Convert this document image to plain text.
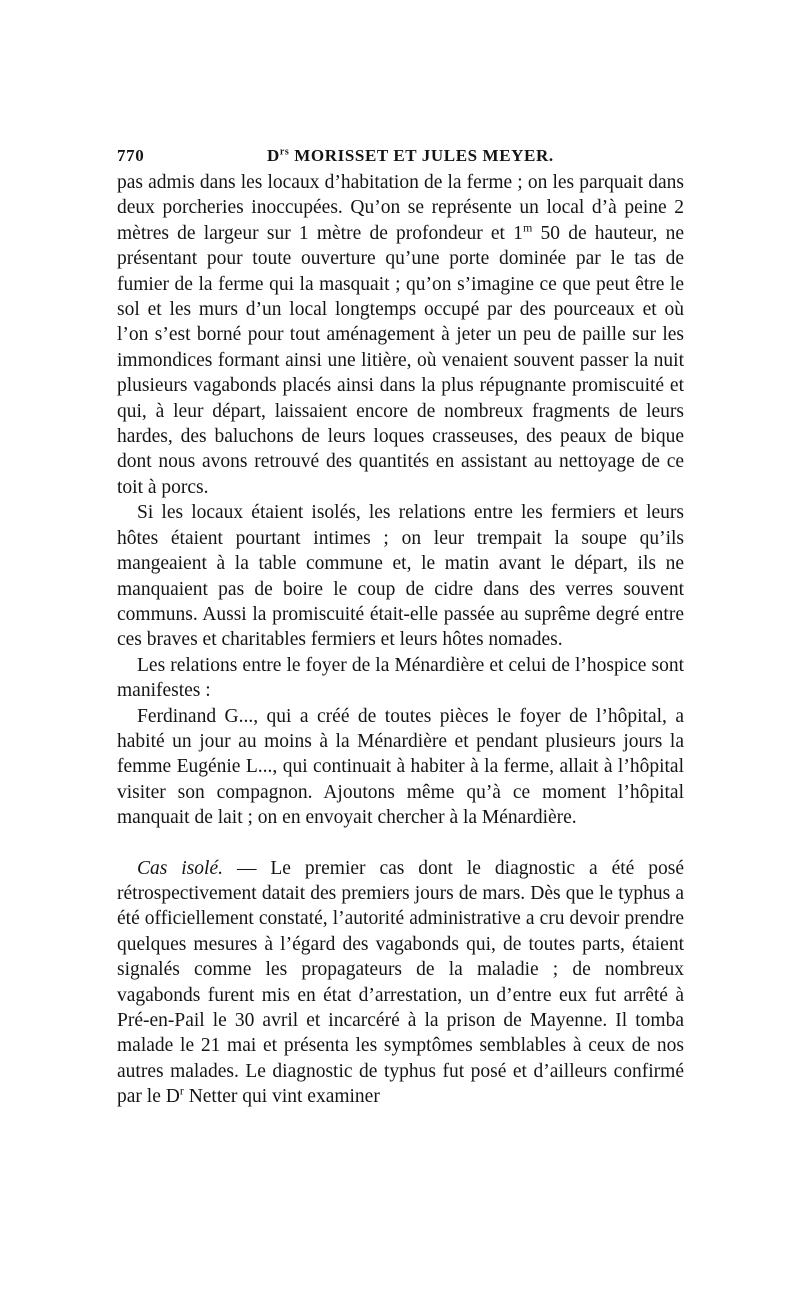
770	$D^{rs}$ MORISSET ET JULES MEYER.

pas admis dans les locaux d’habitation de la ferme ; on les parquait dans deux porcheries inoccupées. Qu’on se représente un local d’à peine 2 mètres de largeur sur 1 mètre de profondeur et 1$^m$ 50 de hauteur, ne présentant pour toute ouverture qu’une porte dominée par le tas de fumier de la ferme qui la masquait ; qu’on s’imagine ce que peut être le sol et les murs d’un local longtemps occupé par des pourceaux et où l’on s’est borné pour tout aménagement à jeter un peu de paille sur les immondices formant ainsi une litière, où venaient souvent passer la nuit plusieurs vagabonds placés ainsi dans la plus répugnante promiscuité et qui, à leur départ, laissaient encore de nombreux fragments de leurs hardes, des baluchons de leurs loques crasseuses, des peaux de bique dont nous avons retrouvé des quantités en assistant au nettoyage de ce toit à porcs.

Si les locaux étaient isolés, les relations entre les fermiers et leurs hôtes étaient pourtant intimes ; on leur trempait la soupe qu’ils mangeaient à la table commune et, le matin avant le départ, ils ne manquaient pas de boire le coup de cidre dans des verres souvent communs. Aussi la promiscuité était-elle passée au suprême degré entre ces braves et charitables fermiers et leurs hôtes nomades.

Les relations entre le foyer de la Ménardière et celui de l’hospice sont manifestes :

Ferdinand G..., qui a créé de toutes pièces le foyer de l’hôpital, a habité un jour au moins à la Ménardière et pendant plusieurs jours la femme Eugénie L..., qui continuait à habiter à la ferme, allait à l’hôpital visiter son compagnon. Ajoutons même qu’à ce moment l’hôpital manquait de lait ; on en envoyait chercher à la Ménardière.

Cas isolé. — Le premier cas dont le diagnostic a été posé rétrospectivement datait des premiers jours de mars. Dès que le typhus a été officiellement constaté, l’autorité administrative a cru devoir prendre quelques mesures à l’égard des vagabonds qui, de toutes parts, étaient signalés comme les propagateurs de la maladie ; de nombreux vagabonds furent mis en état d’arrestation, un d’entre eux fut arrêté à Pré-en-Pail le 30 avril et incarcéré à la prison de Mayenne. Il tomba malade le 21 mai et présenta les symptômes semblables à ceux de nos autres malades. Le diagnostic de typhus fut posé et d’ailleurs confirmé par le $D^r$ Netter qui vint examiner
